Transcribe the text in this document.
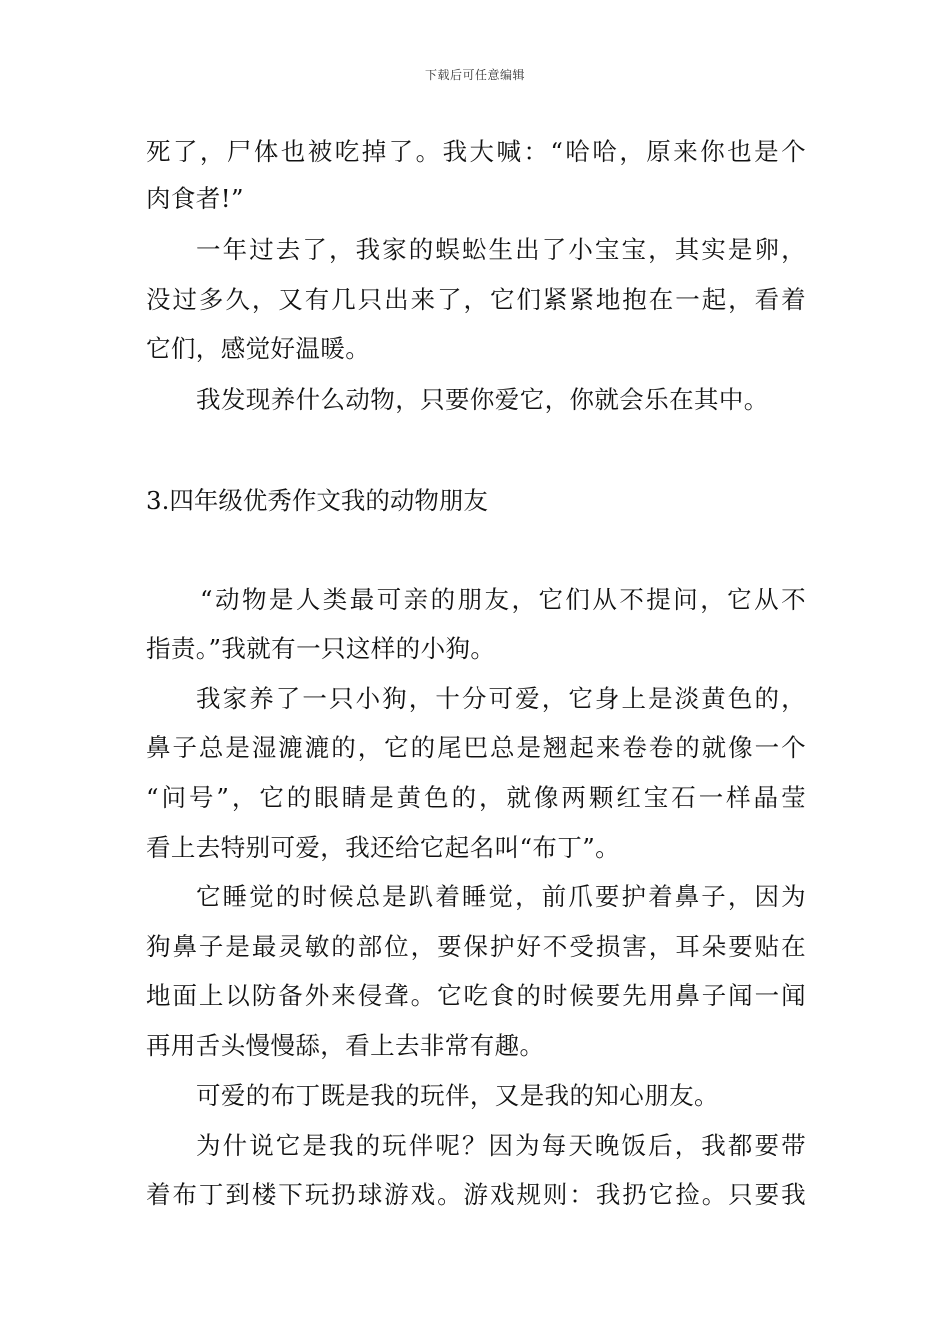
下载后可任意编辑
死了，尸体也被吃掉了。我大喊：“哈哈，原来你也是个
肉食者!”
一年过去了，我家的蜈蚣生出了小宝宝，其实是卵，
没过多久，又有几只出来了，它们紧紧地抱在一起，看着
它们，感觉好温暖。
我发现养什么动物，只要你爱它，你就会乐在其中。
3.四年级优秀作文我的动物朋友
“动物是人类最可亲的朋友，它们从不提问，它从不
指责。”我就有一只这样的小狗。
我家养了一只小狗，十分可爱，它身上是淡黄色的，
鼻子总是湿漉漉的，它的尾巴总是翘起来卷卷的就像一个
“问号”，它的眼睛是黄色的，就像两颗红宝石一样晶莹
看上去特别可爱，我还给它起名叫“布丁”。
它睡觉的时候总是趴着睡觉，前爪要护着鼻子，因为
狗鼻子是最灵敏的部位，要保护好不受损害，耳朵要贴在
地面上以防备外来侵聋。它吃食的时候要先用鼻子闻一闻
再用舌头慢慢舔，看上去非常有趣。
可爱的布丁既是我的玩伴，又是我的知心朋友。
为什说它是我的玩伴呢？因为每天晚饭后，我都要带
着布丁到楼下玩扔球游戏。游戏规则：我扔它捡。只要我
